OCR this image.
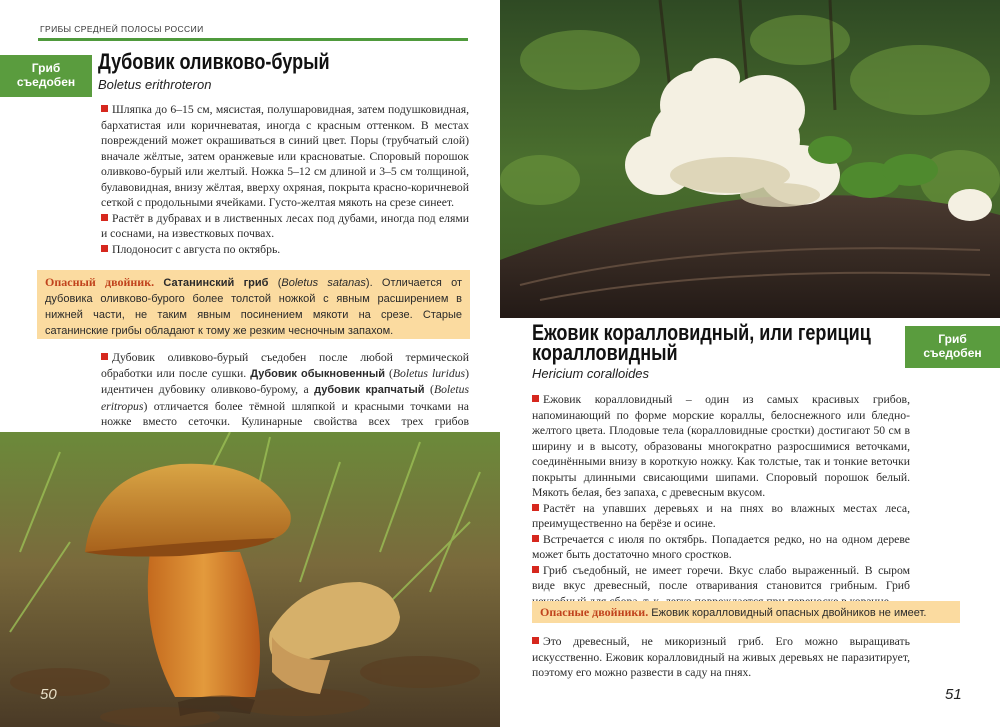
ГРИБЫ СРЕДНЕЙ ПОЛОСЫ РОССИИ
Гриб
съедобен
Дубовик оливково-бурый
Boletus erithroteron

Шляпка до 6–15 см, мясистая, полушаровидная, затем подушковидная, бархатистая или коричневатая, иногда с красным оттенком. В местах повреждений может окрашиваться в синий цвет. Поры (трубчатый слой) вначале жёлтые, затем оранжевые или красноватые. Споровый порошок оливково-бурый или желтый. Ножка 5–12 см длиной и 3–5 см толщиной, булавовидная, внизу жёлтая, вверху охряная, покрыта красно-коричневой сеткой с продольными ячейками. Густо-желтая мякоть на срезе синеет.

Растёт в дубравах и в лиственных лесах под дубами, иногда под елями и соснами, на известковых почвах.

Плодоносит с августа по октябрь.

Опасный двойник. Сатанинский гриб (Boletus satanas). Отличается от дубовика оливково-бурого более толстой ножкой с явным расширением в нижней части, не таким явным посинением мякоти на срезе. Старые сатанинские грибы обладают к тому же резким чесночным запахом.

Дубовик оливково-бурый съедобен после любой термической обработки или после сушки. Дубовик обыкновенный (Boletus luridus) идентичен дубовику оливково-бурому, а дубовик крапчатый (Boletus eritropus) отличается более тёмной шляпкой и красными точками на ножке вместо сеточки. Кулинарные свойства всех трех грибов

50
Ежовик коралловидный, или герициц коралловидный
Гриб
съедобен
Hericium coralloides

Ежовик коралловидный – один из самых красивых грибов, напоминающий по форме морские кораллы, белоснежного или бледно-желтого цвета. Плодовые тела (коралловидные сростки) достигают 50 см в ширину и в высоту, образованы многократно разросшимися веточками, соединёнными внизу в короткую ножку. Как толстые, так и тонкие веточки покрыты длинными свисающими шипами. Споровый порошок белый. Мякоть белая, без запаха, с древесным вкусом.

Растёт на упавших деревьях и на пнях во влажных местах леса, преимущественно на берёзе и осине.

Встречается с июля по октябрь. Попадается редко, но на одном дереве может быть достаточно много сростков.

Гриб съедобный, не имеет горечи. Вкус слабо выраженный. В сыром виде вкус древесный, после отваривания становится грибным. Гриб

Опасные двойники. Ежовик коралловидный опасных двойников не имеет.

Это древесный, не микоризный гриб. Его можно выращивать искусственно. Ежовик коралловидный на живых деревьях не паразитирует, поэтому его можно развести в саду на пнях.

51
